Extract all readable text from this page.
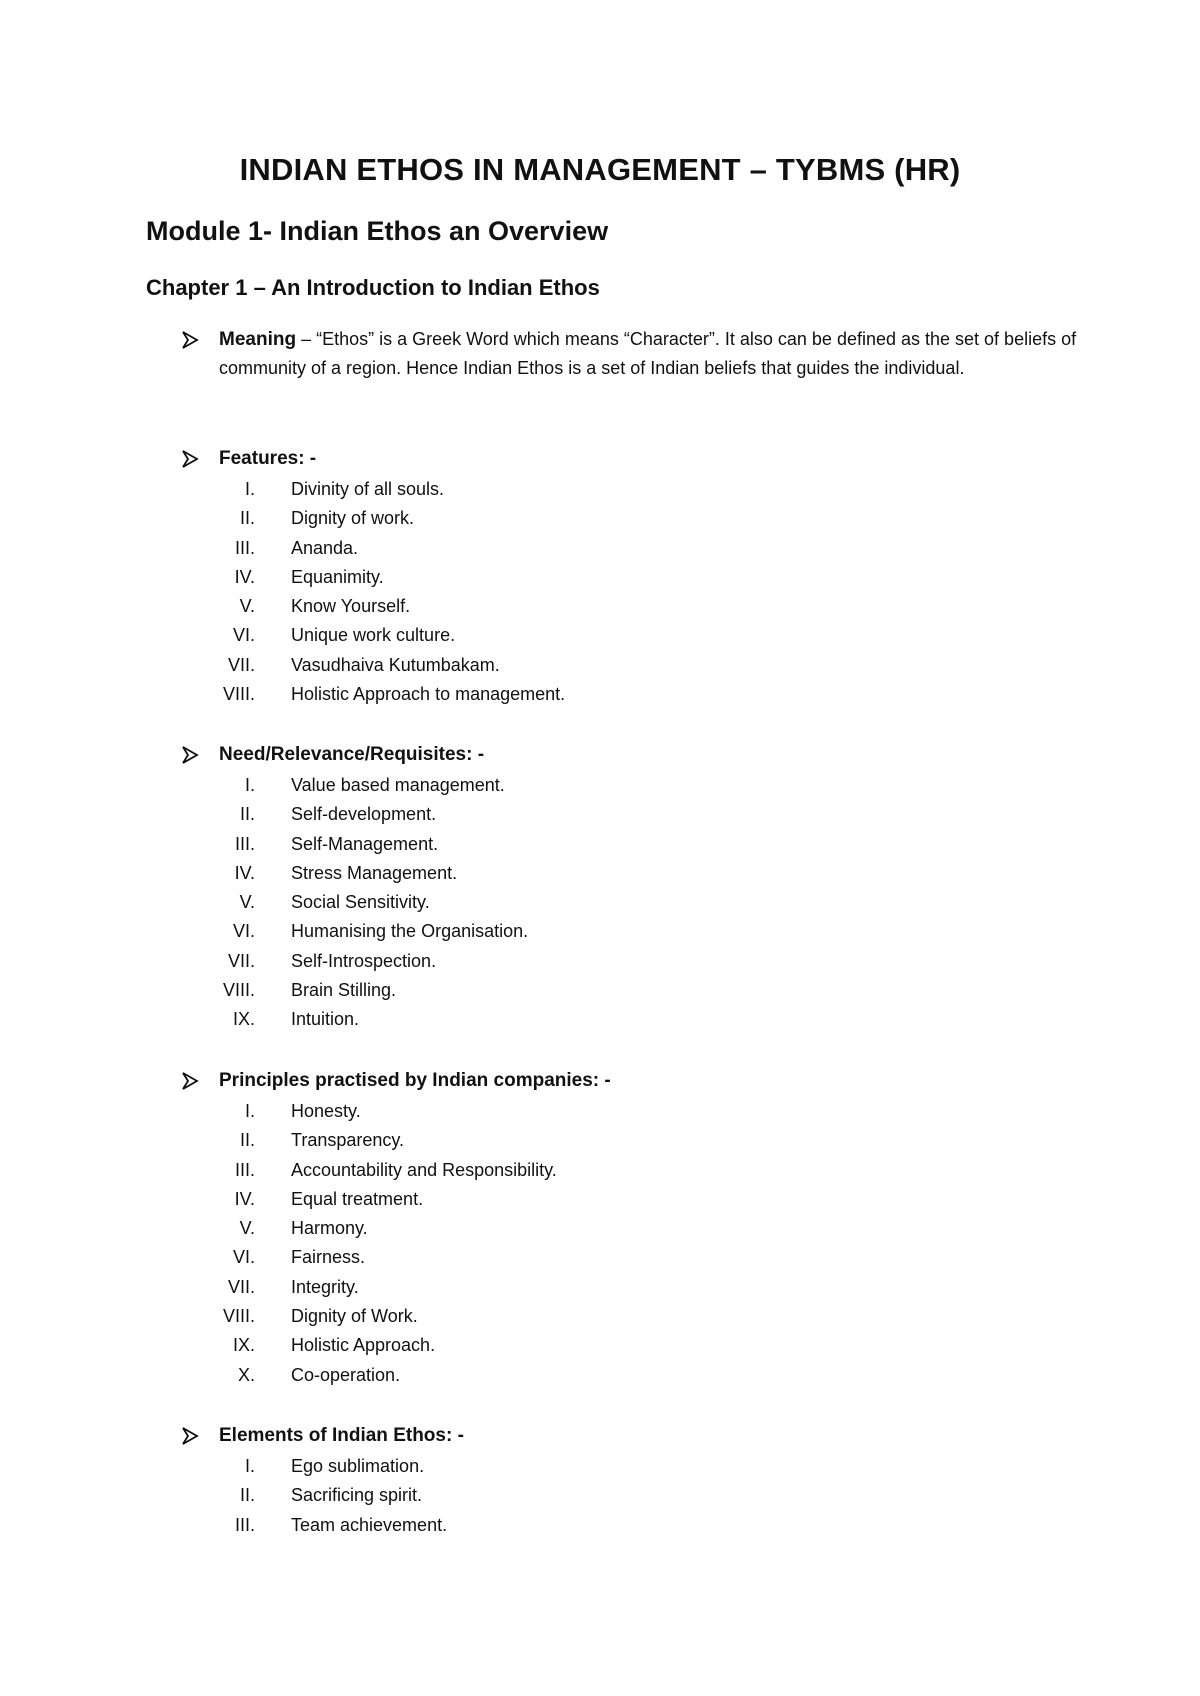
INDIAN ETHOS IN MANAGEMENT – TYBMS (HR)
Module 1- Indian Ethos an Overview
Chapter 1 – An Introduction to Indian Ethos
Meaning – “Ethos” is a Greek Word which means “Character”. It also can be defined as the set of beliefs of community of a region. Hence Indian Ethos is a set of Indian beliefs that guides the individual.
Features: -
I. Divinity of all souls.
II. Dignity of work.
III. Ananda.
IV. Equanimity.
V. Know Yourself.
VI. Unique work culture.
VII. Vasudhaiva Kutumbakam.
VIII. Holistic Approach to management.
Need/Relevance/Requisites: -
I. Value based management.
II. Self-development.
III. Self-Management.
IV. Stress Management.
V. Social Sensitivity.
VI. Humanising the Organisation.
VII. Self-Introspection.
VIII. Brain Stilling.
IX. Intuition.
Principles practised by Indian companies: -
I. Honesty.
II. Transparency.
III. Accountability and Responsibility.
IV. Equal treatment.
V. Harmony.
VI. Fairness.
VII. Integrity.
VIII. Dignity of Work.
IX. Holistic Approach.
X. Co-operation.
Elements of Indian Ethos: -
I. Ego sublimation.
II. Sacrificing spirit.
III. Team achievement.
